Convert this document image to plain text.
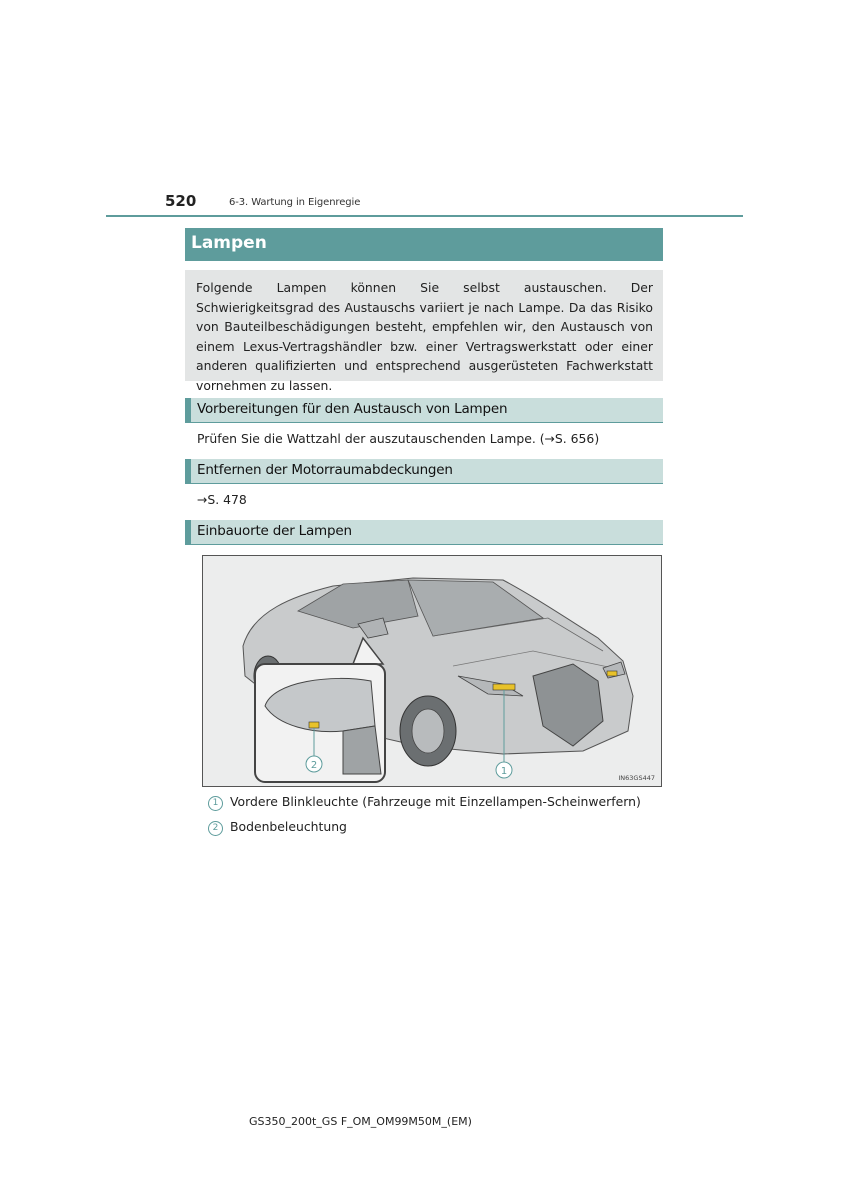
520	6-3. Wartung in Eigenregie
Lampen

Folgende Lampen können Sie selbst austauschen. Der Schwierigkeitsgrad des Austauschs variiert je nach Lampe. Da das Risiko von Bauteilbeschädigungen besteht, empfehlen wir, den Austausch von einem Lexus-Vertragshändler bzw. einer Vertragswerkstatt oder einer anderen qualifizierten und entsprechend ausgerüsteten Fachwerkstatt vornehmen zu lassen.

Vorbereitungen für den Austausch von Lampen
Prüfen Sie die Wattzahl der auszutauschenden Lampe. (→S. 656)
Entfernen der Motorraumabdeckungen
→S. 478
Einbauorte der Lampen
2
1
IN63GS447
1 Vordere Blinkleuchte (Fahrzeuge mit Einzellampen-Scheinwerfern)
2 Bodenbeleuchtung
GS350_200t_GS F_OM_OM99M50M_(EM)
